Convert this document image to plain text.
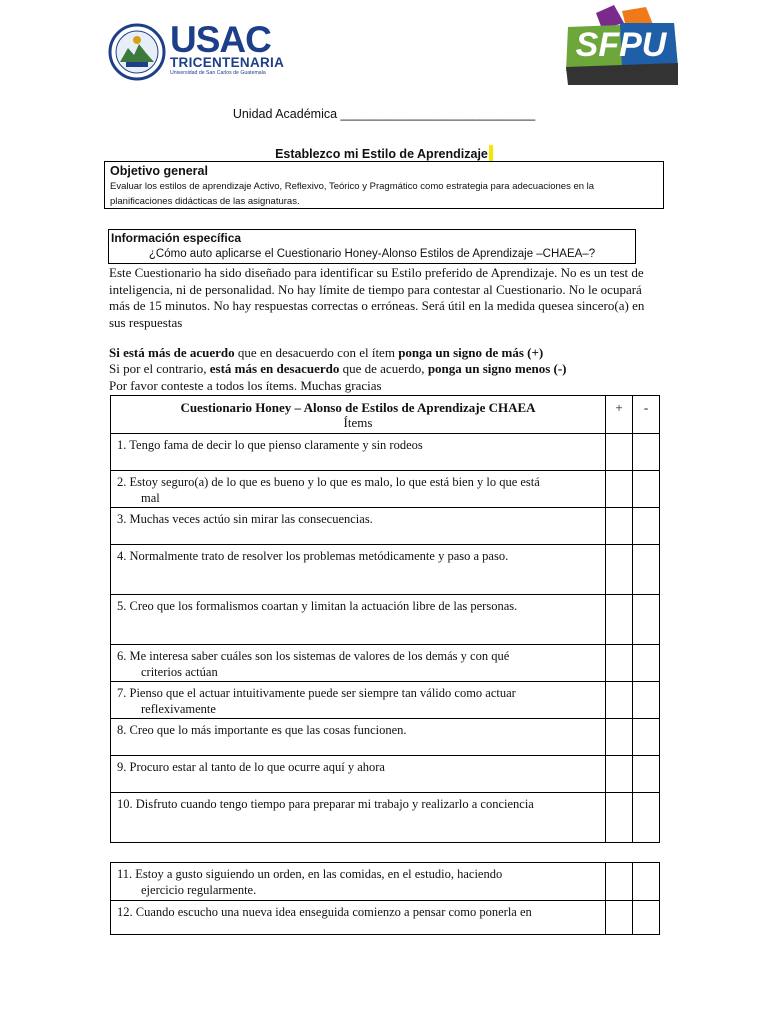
USAC
TRICENTENARIA
Universidad de San Carlos de Guatemala
SFPU
Unidad Académica ____________________________
Establezco mi Estilo de Aprendizaje
Objetivo general
Evaluar los estilos de aprendizaje Activo, Reflexivo, Teórico y Pragmático como estrategia para adecuaciones en la planificaciones didácticas de las asignaturas.
Información específica
¿Cómo auto aplicarse el Cuestionario Honey-Alonso Estilos de Aprendizaje –CHAEA–?
Este Cuestionario ha sido diseñado para identificar su Estilo preferido de Aprendizaje. No es un test de inteligencia, ni de personalidad. No hay límite de tiempo para contestar al Cuestionario. No le ocupará más de 15 minutos. No hay respuestas correctas o erróneas. Será útil en la medida quesea sincero(a) en sus respuestas
Si está más de acuerdo que en desacuerdo con el ítem ponga un signo de más (+)
Si por el contrario, está más en desacuerdo que de acuerdo, ponga un signo menos (-)
Por favor conteste a todos los ítems. Muchas gracias
Cuestionario Honey – Alonso de Estilos de Aprendizaje CHAEA
Ítems	+	-
1. Tengo fama de decir lo que pienso claramente y sin rodeos		
2. Estoy seguro(a) de lo que es bueno y lo que es malo, lo que está bien y lo que está
mal		

3. Muchas veces actúo sin mirar las consecuencias.		
4. Normalmente trato de resolver los problemas metódicamente y paso a paso.		
5. Creo que los formalismos coartan y limitan la actuación libre de las personas.		
6. Me interesa saber cuáles son los sistemas de valores de los demás y con qué
criterios actúan		

7. Pienso que el actuar intuitivamente puede ser siempre tan válido como actuar
reflexivamente		

8. Creo que lo más importante es que las cosas funcionen.		
9. Procuro estar al tanto de lo que ocurre aquí y ahora		
10. Disfruto cuando tengo tiempo para preparar mi trabajo y realizarlo a conciencia		
11. Estoy a gusto siguiendo un orden, en las comidas, en el estudio, haciendo
ejercicio regularmente.		

12. Cuando escucho una nueva idea enseguida comienzo a pensar como ponerla en		
